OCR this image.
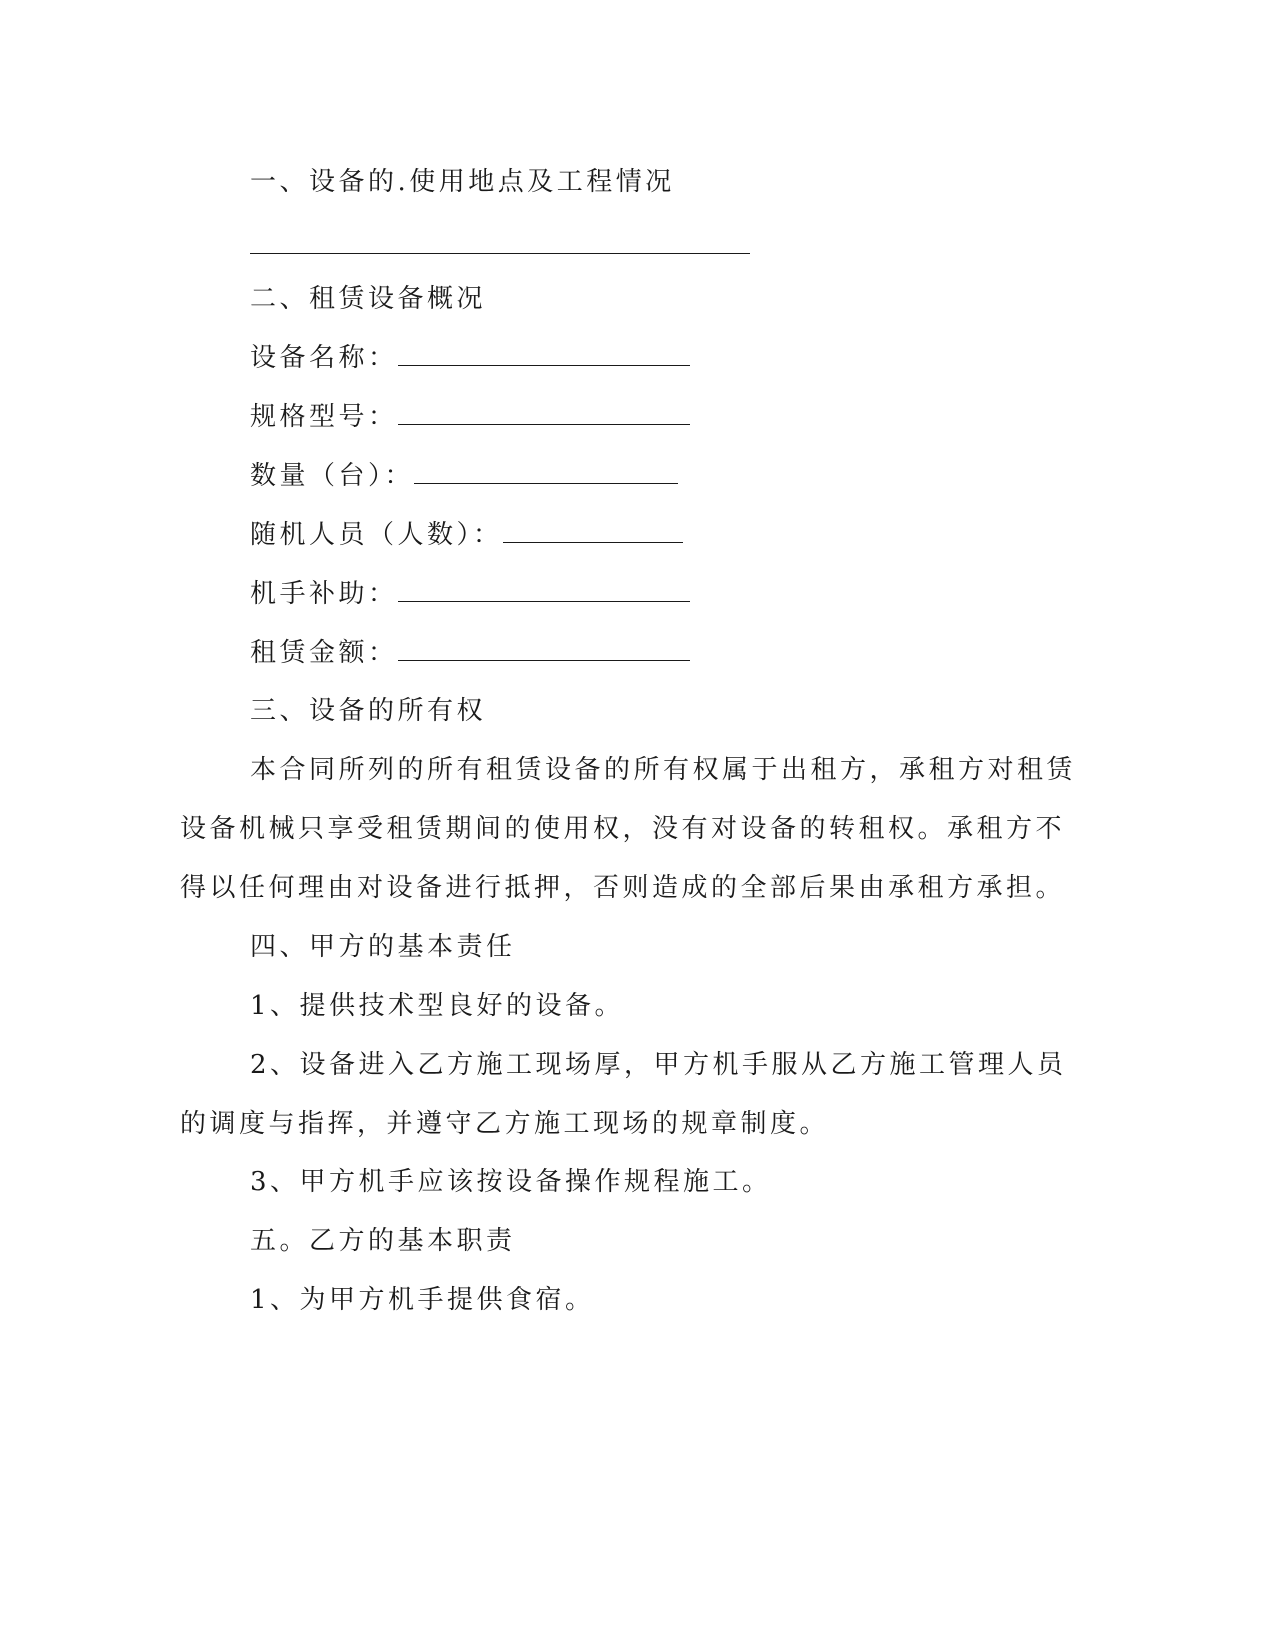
一、设备的.使用地点及工程情况
二、租赁设备概况
设备名称：
规格型号：
数量（台）：
随机人员（人数）：
机手补助：
租赁金额：
三、设备的所有权
本合同所列的所有租赁设备的所有权属于出租方，承租方对租赁
设备机械只享受租赁期间的使用权，没有对设备的转租权。承租方不
得以任何理由对设备进行抵押，否则造成的全部后果由承租方承担。
四、甲方的基本责任
1、提供技术型良好的设备。
2、设备进入乙方施工现场厚，甲方机手服从乙方施工管理人员
的调度与指挥，并遵守乙方施工现场的规章制度。
3、甲方机手应该按设备操作规程施工。
五。乙方的基本职责
1、为甲方机手提供食宿。
